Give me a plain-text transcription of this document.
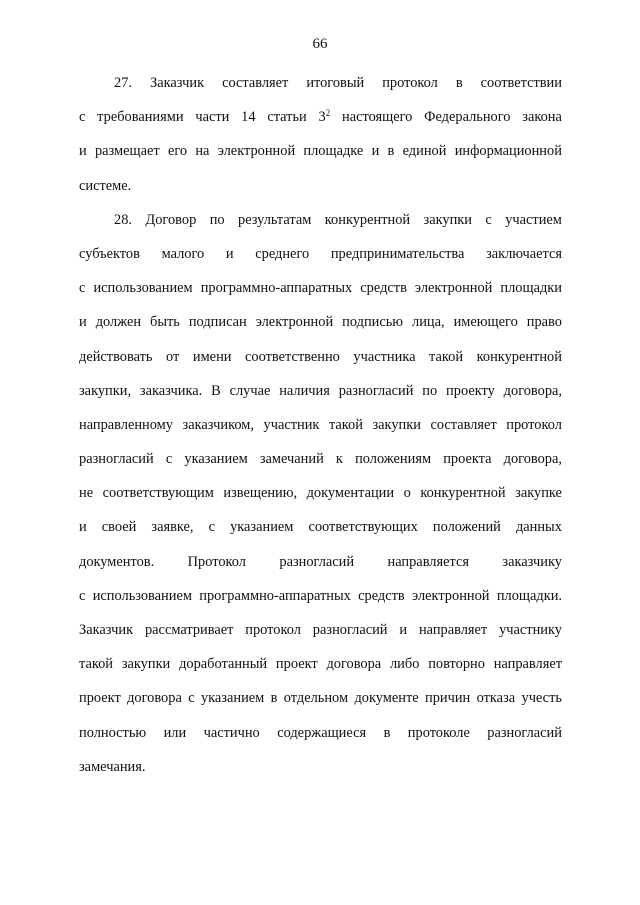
66
27. Заказчик составляет итоговый протокол в соответствии
с требованиями части 14 статьи $3^2$ настоящего Федерального закона
и размещает его на электронной площадке и в единой информационной
системе.
28. Договор по результатам конкурентной закупки с участием
субъектов малого и среднего предпринимательства заключается
с использованием программно-аппаратных средств электронной площадки
и должен быть подписан электронной подписью лица, имеющего право
действовать от имени соответственно участника такой конкурентной
закупки, заказчика. В случае наличия разногласий по проекту договора,
направленному заказчиком, участник такой закупки составляет протокол
разногласий с указанием замечаний к положениям проекта договора,
не соответствующим извещению, документации о конкурентной закупке
и своей заявке, с указанием соответствующих положений данных
документов. Протокол разногласий направляется заказчику
с использованием программно-аппаратных средств электронной площадки.
Заказчик рассматривает протокол разногласий и направляет участнику
такой закупки доработанный проект договора либо повторно направляет
проект договора с указанием в отдельном документе причин отказа учесть
полностью или частично содержащиеся в протоколе разногласий
замечания.
